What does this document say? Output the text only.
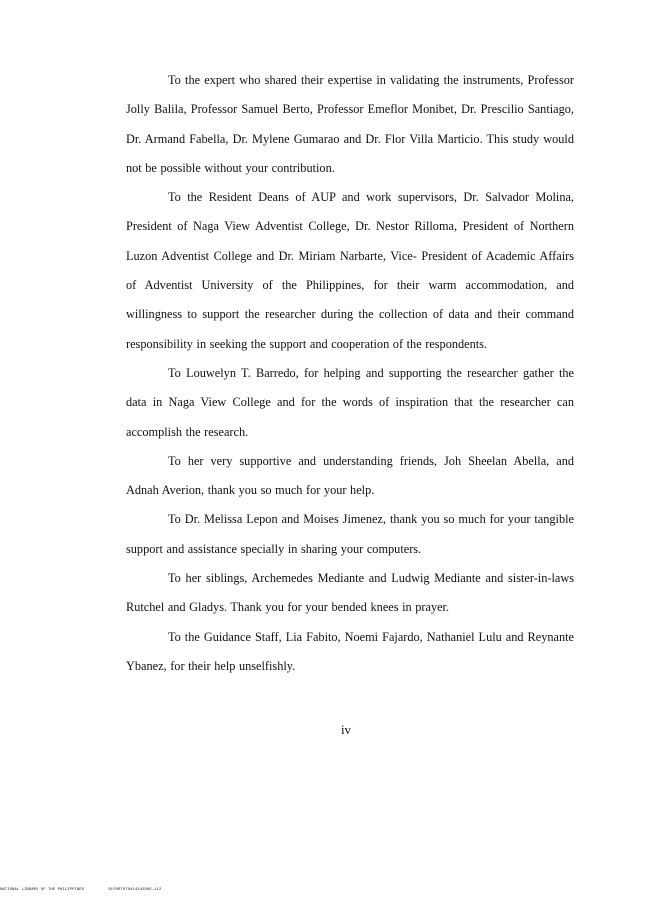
To the expert who shared their expertise in validating the instruments, Professor Jolly Balila, Professor Samuel Berto, Professor Emeflor Monibet, Dr. Prescilio Santiago, Dr. Armand Fabella, Dr. Mylene Gumarao and Dr. Flor Villa Marticio. This study would not be possible without your contribution.

To the Resident Deans of AUP and work supervisors, Dr. Salvador Molina, President of Naga View Adventist College, Dr. Nestor Rilloma, President of Northern Luzon Adventist College and Dr. Miriam Narbarte, Vice- President of Academic Affairs of Adventist University of the Philippines, for their warm accommodation, and willingness to support the researcher during the collection of data and their command responsibility in seeking the support and cooperation of the respondents.

To Louwelyn T. Barredo, for helping and supporting the researcher gather the data in Naga View College and for the words of inspiration that the researcher can accomplish the research.

To her very supportive and understanding friends, Joh Sheelan Abella, and Adnah Averion, thank you so much for your help.

To Dr. Melissa Lepon and Moises Jimenez, thank you so much for your tangible support and assistance specially in sharing your computers.

To her siblings, Archemedes Mediante and Ludwig Mediante and sister-in-laws Rutchel and Gladys. Thank you for your bended knees in prayer.

To the Guidance Staff, Lia Fabito, Noemi Fajardo, Nathaniel Lulu and Reynante Ybanez, for their help unselfishly.

iv
NATIONAL LIBRARY OF THE PHILIPPINES	RLPORT070414142905-112
